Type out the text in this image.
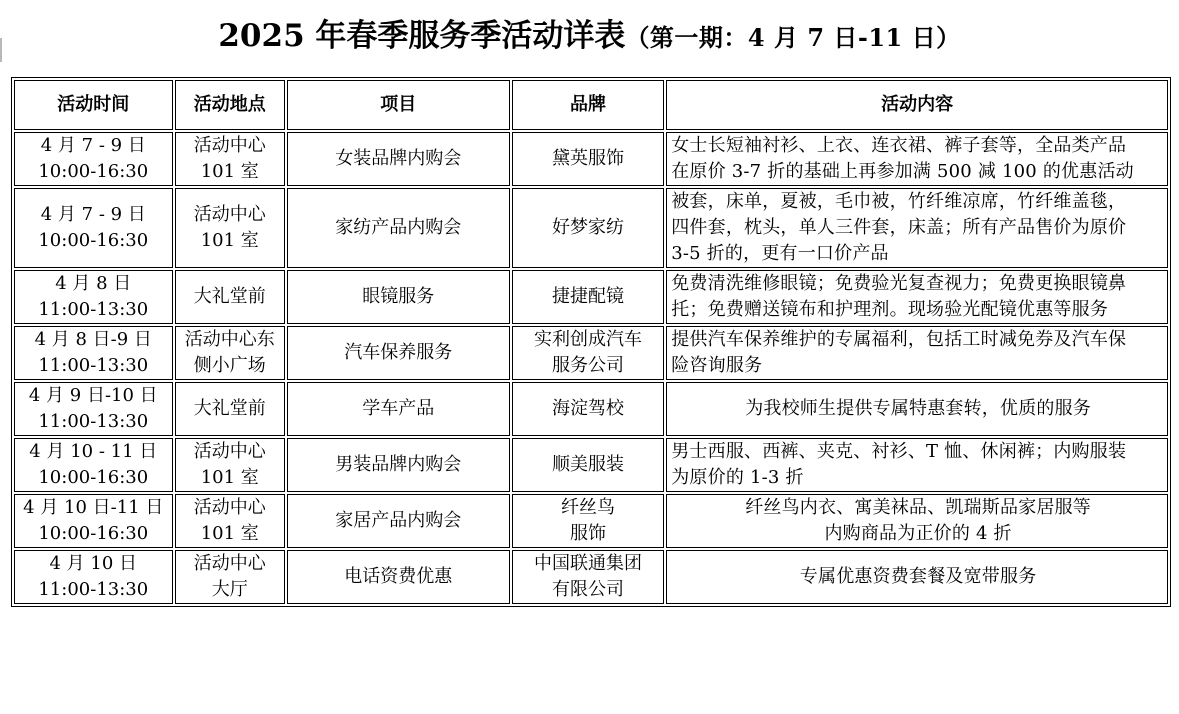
2025 年春季服务季活动详表（第一期：4 月 7 日-11 日）
活动时间	活动地点	项目	品牌	活动内容

4 月 7 - 9 日
10:00-16:30	活动中心
101 室	女装品牌内购会	黛英服饰	女士长短袖衬衫、上衣、连衣裙、裤子套等，全品类产品
在原价 3-7 折的基础上再参加满 500 减 100 的优惠活动

4 月 7 - 9 日
10:00-16:30	活动中心
101 室	家纺产品内购会	好梦家纺	被套，床单，夏被，毛巾被，竹纤维凉席，竹纤维盖毯，
四件套，枕头，单人三件套，床盖；所有产品售价为原价
3-5 折的，更有一口价产品

4 月 8 日
11:00-13:30	大礼堂前	眼镜服务	捷捷配镜	免费清洗维修眼镜；免费验光复查视力；免费更换眼镜鼻
托；免费赠送镜布和护理剂。现场验光配镜优惠等服务

4 月 8 日-9 日
11:00-13:30	活动中心东
侧小广场	汽车保养服务	实利创成汽车
服务公司	提供汽车保养维护的专属福利，包括工时减免券及汽车保
险咨询服务

4 月 9 日-10 日
11:00-13:30	大礼堂前	学车产品	海淀驾校	为我校师生提供专属特惠套转，优质的服务

4 月 10 - 11 日
10:00-16:30	活动中心
101 室	男装品牌内购会	顺美服装	男士西服、西裤、夹克、衬衫、T 恤、休闲裤；内购服装
为原价的 1-3 折

4 月 10 日-11 日
10:00-16:30	活动中心
101 室	家居产品内购会	纤丝鸟
服饰	纤丝鸟内衣、寓美袜品、凯瑞斯品家居服等
内购商品为正价的 4 折

4 月 10 日
11:00-13:30	活动中心
大厅	电话资费优惠	中国联通集团
有限公司	专属优惠资费套餐及宽带服务
